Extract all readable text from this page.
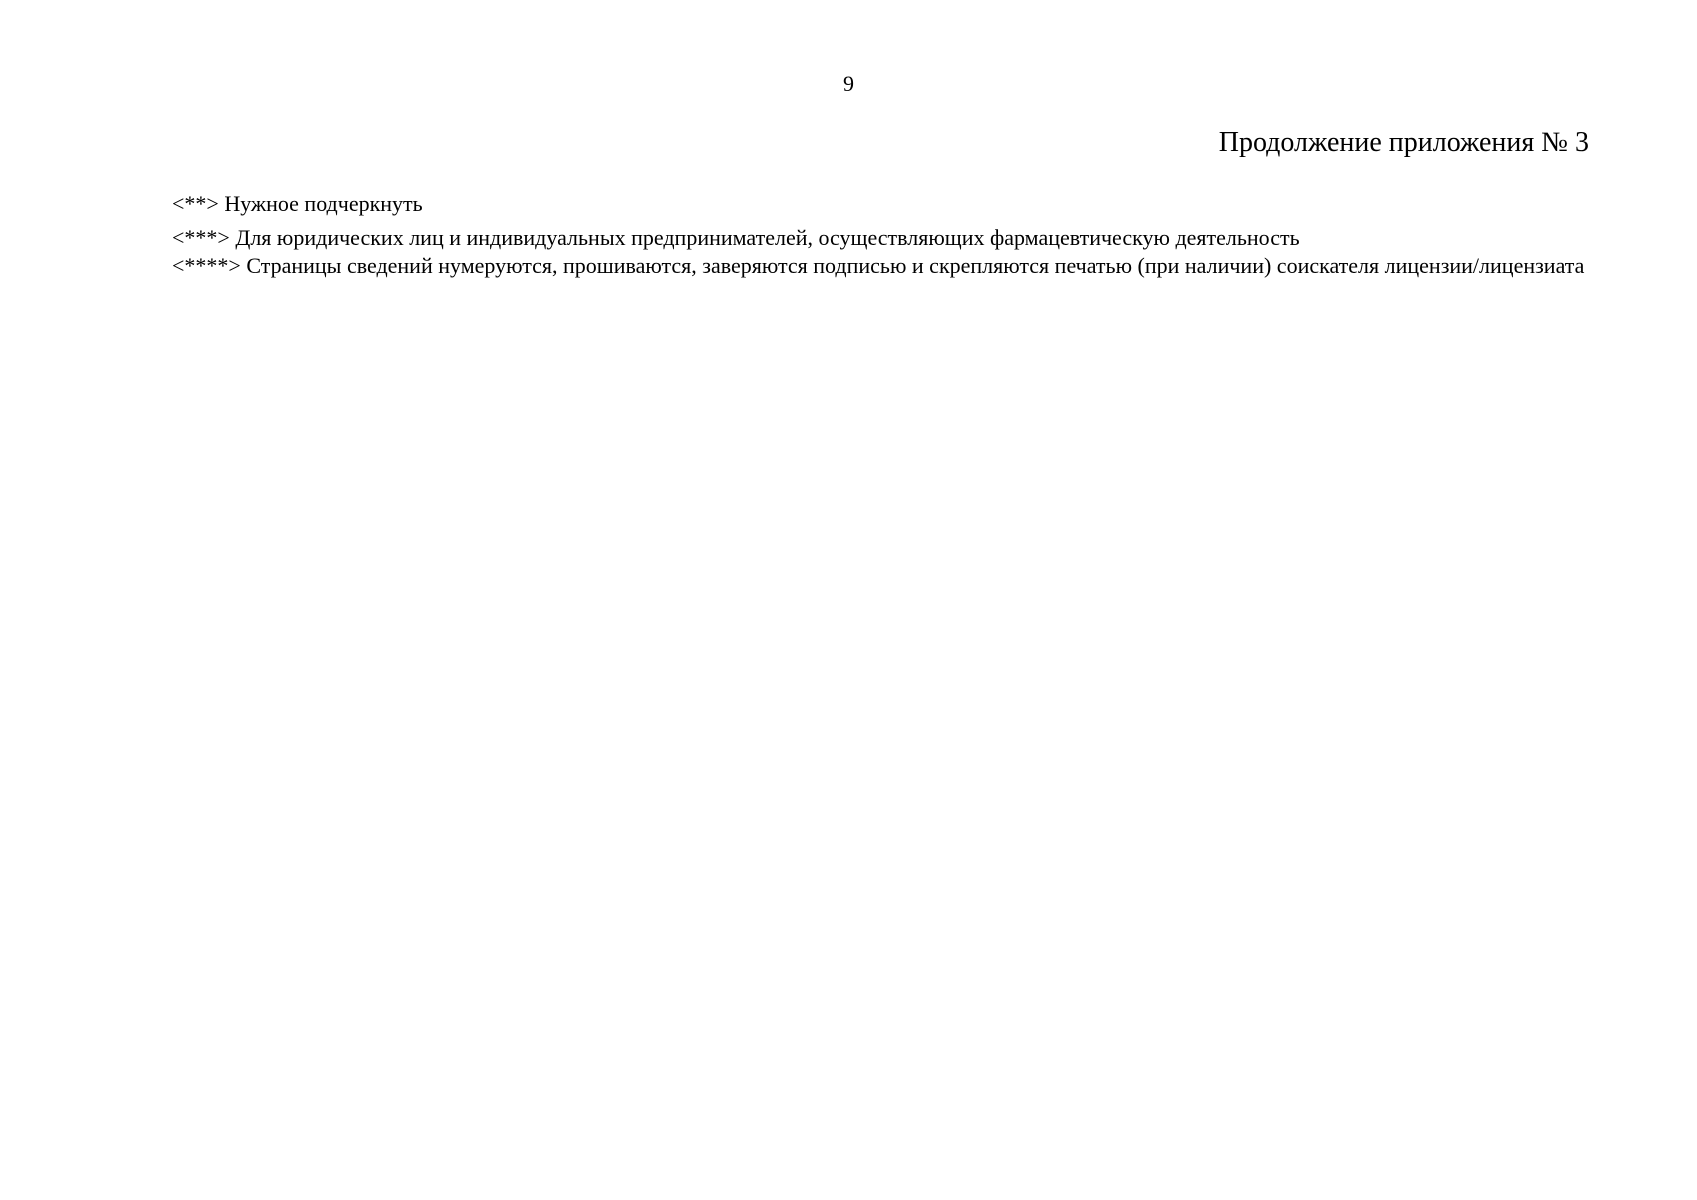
9
Продолжение приложения № 3

<**> Нужное подчеркнуть

<***> Для юридических лиц и индивидуальных предпринимателей, осуществляющих фармацевтическую деятельность

<****> Страницы сведений нумеруются, прошиваются, заверяются подписью и скрепляются печатью (при наличии) соискателя лицензии/лицензиата
